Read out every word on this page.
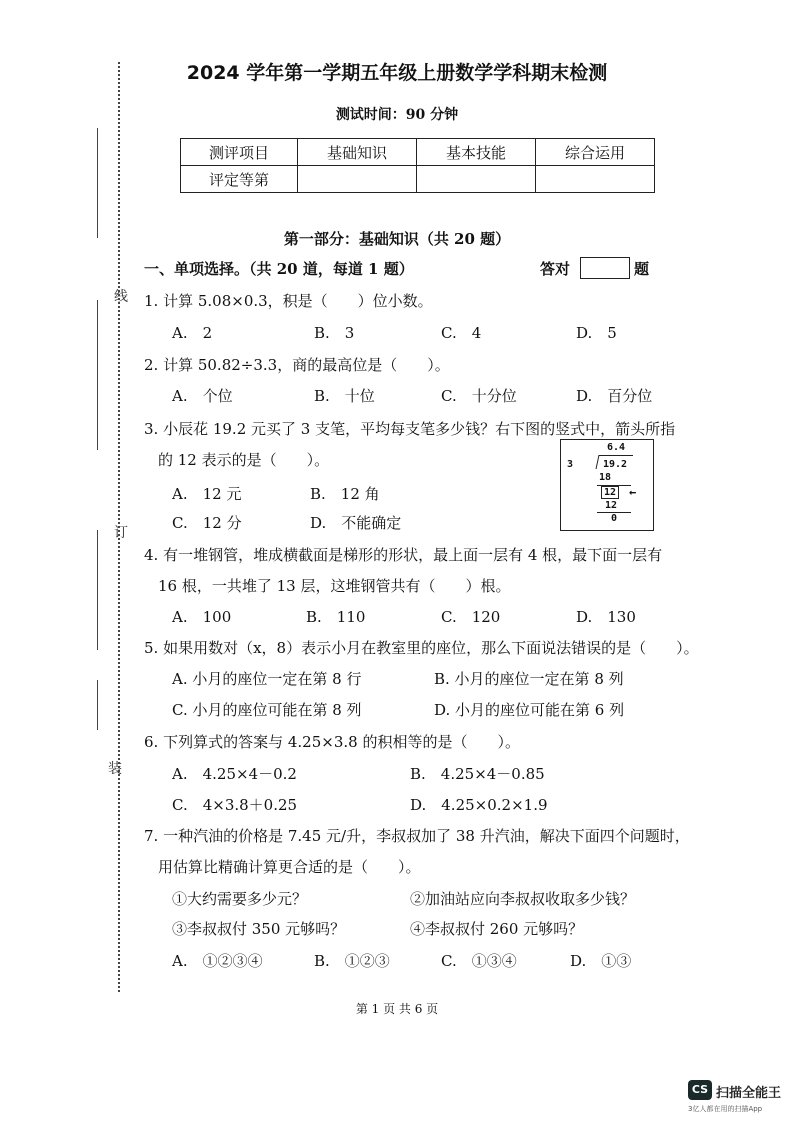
线
订
装
2024 学年第一学期五年级上册数学学科期末检测
测试时间：90 分钟
测评项目	基础知识	基本技能	综合运用
评定等第			
第一部分：基础知识（共 20 题）
一、单项选择。（共 20 道，每道 1 题）	答对	题
1. 计算 5.08×0.3，积是（　　）位小数。
A.　2	B.　3	C.　4	D.　5
2. 计算 50.82÷3.3，商的最高位是（　　）。
A.　个位	B.　十位	C.　十分位	D.　百分位
3. 小辰花 19.2 元买了 3 支笔，平均每支笔多少钱？右下图的竖式中，箭头所指
的 12 表示的是（　　）。
A.　12 元	B.　12 角
C.　12 分	D.　不能确定
6.4
3	19.2
18
12 ←
12
0
4. 有一堆钢管，堆成横截面是梯形的形状，最上面一层有 4 根，最下面一层有
16 根，一共堆了 13 层，这堆钢管共有（　　）根。
A.　100	B.　110	C.　120	D.　130
5. 如果用数对（x，8）表示小月在教室里的座位，那么下面说法错误的是（　　）。
A. 小月的座位一定在第 8 行	B. 小月的座位一定在第 8 列
C. 小月的座位可能在第 8 列	D. 小月的座位可能在第 6 列
6. 下列算式的答案与 4.25×3.8 的积相等的是（　　）。
A.　4.25×4－0.2	B.　4.25×4－0.85
C.　4×3.8＋0.25	D.　4.25×0.2×1.9
7. 一种汽油的价格是 7.45 元/升，李叔叔加了 38 升汽油，解决下面四个问题时，
用估算比精确计算更合适的是（　　）。
①大约需要多少元？	②加油站应向李叔叔收取多少钱？
③李叔叔付 350 元够吗？	④李叔叔付 260 元够吗？
A.　①②③④	B.　①②③	C.　①③④	D.　①③
第 1 页 共 6 页
CS 扫描全能王
3亿人都在用的扫描App
